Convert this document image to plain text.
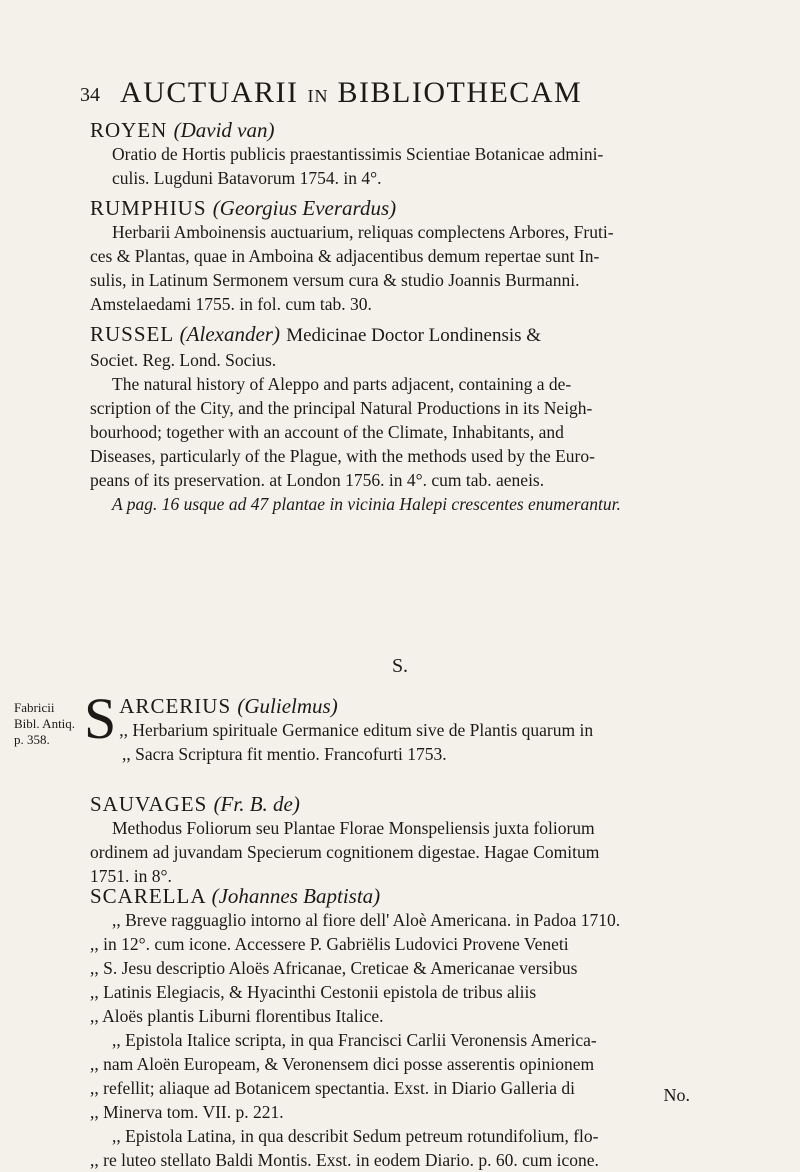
34 AUCTUARII IN BIBLIOTHECAM
ROYEN (David van)
Oratio de Hortis publicis praestantissimis Scientiae Botanicae admini-
culis. Lugduni Batavorum 1754. in 4°.
RUMPHIUS (Georgius Everardus)
Herbarii Amboinensis auctuarium, reliquas complectens Arbores, Fruti-
ces & Plantas, quae in Amboina & adjacentibus demum repertae sunt In-
sulis, in Latinum Sermonem versum cura & studio Joannis Burmanni.
Amstelaedami 1755. in fol. cum tab. 30.
RUSSEL (Alexander) Medicinae Doctor Londinensis &
Societ. Reg. Lond. Socius.
The natural history of Aleppo and parts adjacent, containing a de-
scription of the City, and the principal Natural Productions in its Neigh-
bourhood; together with an account of the Climate, Inhabitants, and
Diseases, particularly of the Plague, with the methods used by the Euro-
peans of its preservation. at London 1756. in 4°. cum tab. aeneis.
A pag. 16 usque ad 47 plantae in vicinia Halepi crescentes enumerantur.
S.
Fabricii
Bibl. Antiq.
p. 358. S ARCERIUS (Gulielmus)
,, Herbarium spirituale Germanice editum sive de Plantis quarum in
,, Sacra Scriptura fit mentio. Francofurti 1753.
SAUVAGES (Fr. B. de)
Methodus Foliorum seu Plantae Florae Monspeliensis juxta foliorum
ordinem ad juvandam Specierum cognitionem digestae. Hagae Comitum
1751. in 8°.
SCARELLA (Johannes Baptista)
,, Breve ragguaglio intorno al fiore dell' Aloè Americana. in Padoa 1710.
,, in 12°. cum icone. Accessere P. Gabriëlis Ludovici Provene Veneti
,, S. Jesu descriptio Aloës Africanae, Creticae & Americanae versibus
,, Latinis Elegiacis, & Hyacinthi Cestonii epistola de tribus aliis
,, Aloës plantis Liburni florentibus Italice.
,, Epistola Italice scripta, in qua Francisci Carlii Veronensis America-
,, nam Aloën Europeam, & Veronensem dici posse asserentis opinionem
,, refellit; aliaque ad Botanicem spectantia. Exst. in Diario Galleria di
,, Minerva tom. VII. p. 221.
,, Epistola Latina, in qua describit Sedum petreum rotundifolium, flo-
,, re luteo stellato Baldi Montis. Exst. in eodem Diario. p. 60. cum icone.
No.
